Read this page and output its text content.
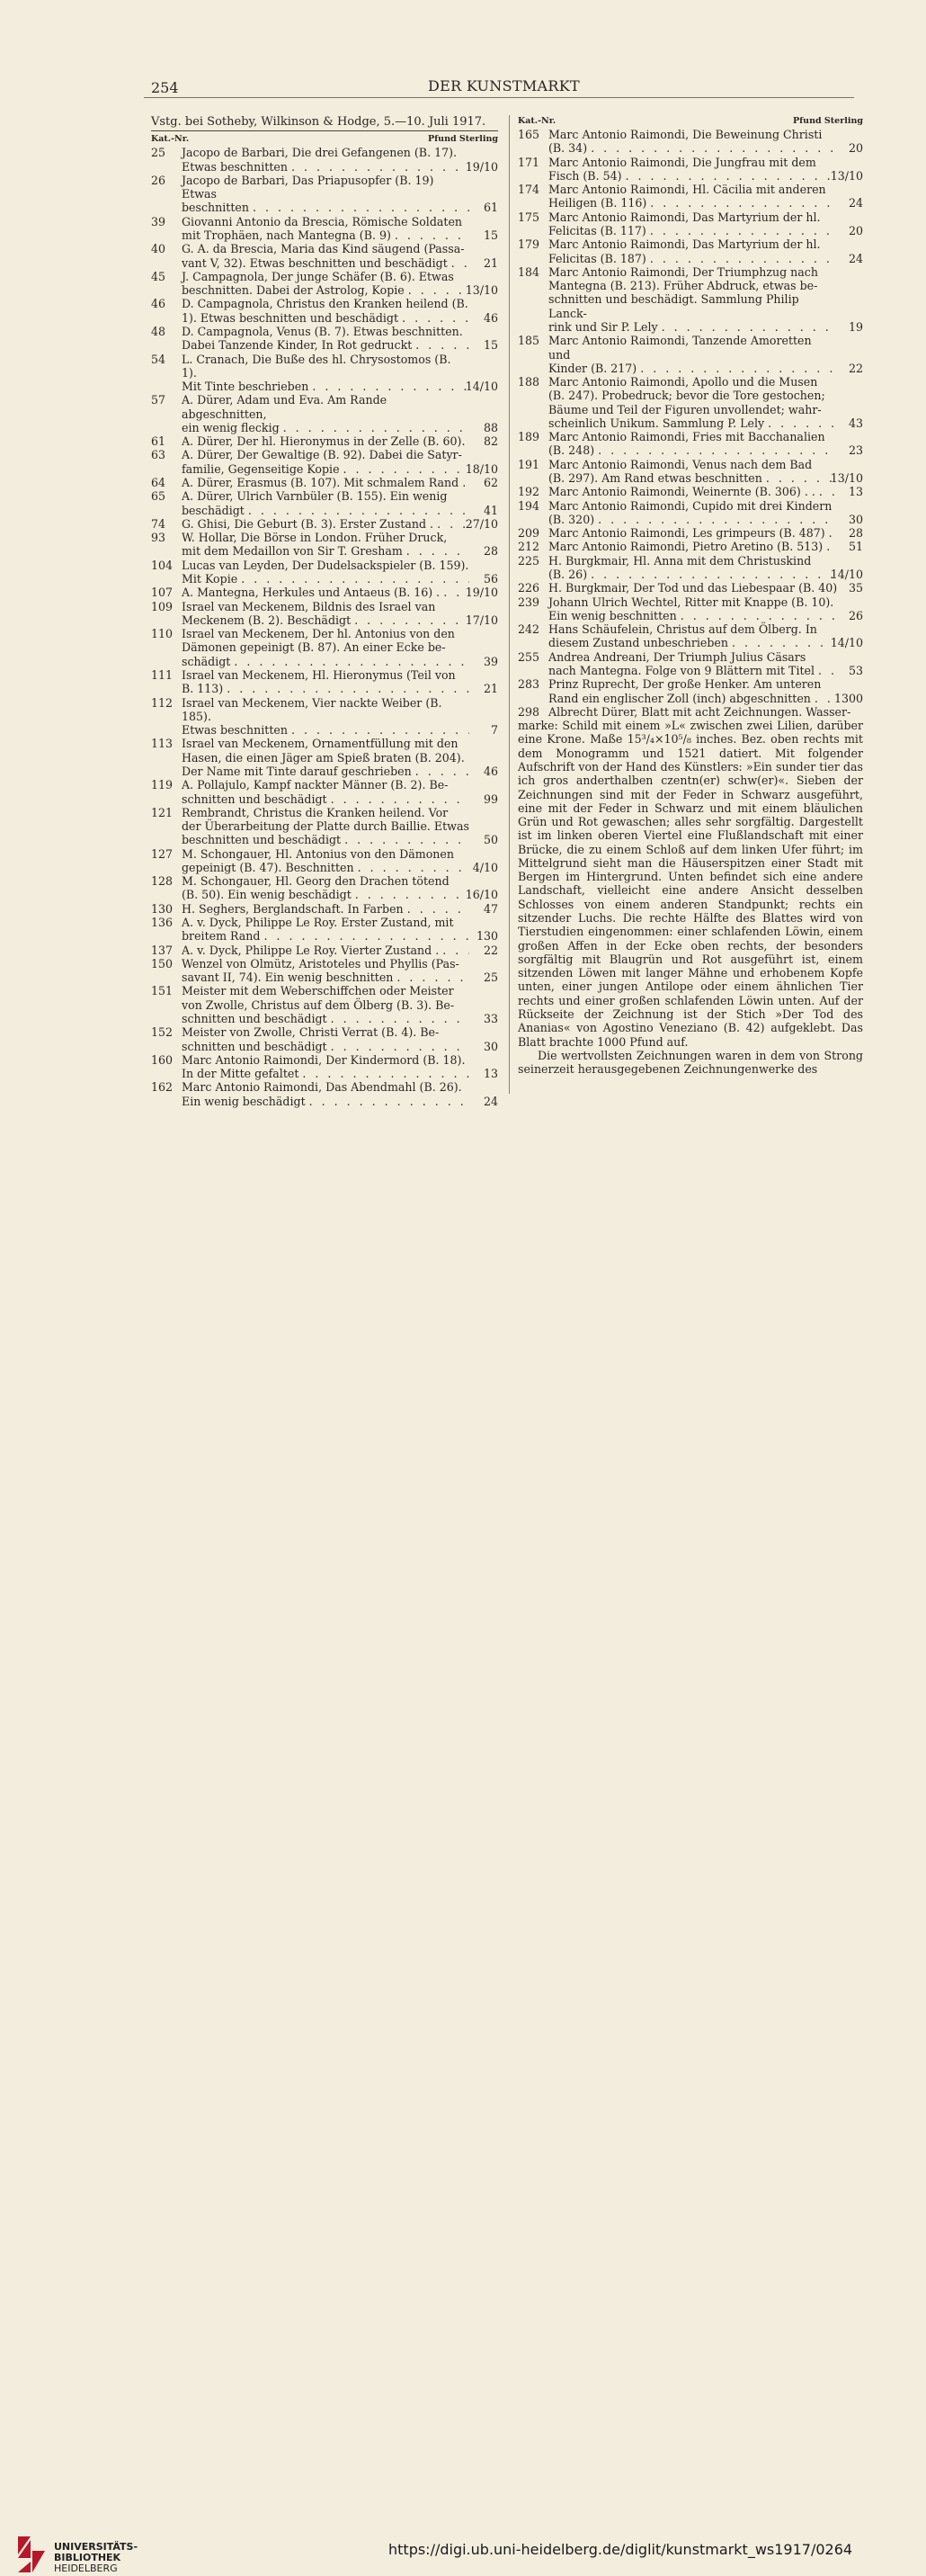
254	DER KUNSTMARKT
Vstg. bei Sotheby, Wilkinson & Hodge, 5.—10. Juli 1917.
Kat.-Nr.	Pfund Sterling
25 Jacopo de Barbari, Die drei Gefangenen (B. 17).
Etwas beschnitten . . .	19/10
26 Jacopo de Barbari, Das Priapusopfer (B. 19) Etwas
beschnitten . . .	61
39 Giovanni Antonio da Brescia, Römische Soldaten
mit Trophäen, nach Mantegna (B. 9) . . .	15
40 G. A. da Brescia, Maria das Kind säugend (Passa-
vant V, 32). Etwas beschnitten und beschädigt . . .	21
45 J. Campagnola, Der junge Schäfer (B. 6). Etwas
beschnitten. Dabei der Astrolog, Kopie . . .	13/10
46 D. Campagnola, Christus den Kranken heilend (B.
1). Etwas beschnitten und beschädigt . . .	46
48 D. Campagnola, Venus (B. 7). Etwas beschnitten.
Dabei Tanzende Kinder, In Rot gedruckt . . .	15
54 L. Cranach, Die Buße des hl. Chrysostomos (B. 1).
Mit Tinte beschrieben . . .	14/10
57 A. Dürer, Adam und Eva. Am Rande abgeschnitten,
ein wenig fleckig . . .	88
61 A. Dürer, Der hl. Hieronymus in der Zelle (B. 60). . . . 82
63 A. Dürer, Der Gewaltige (B. 92). Dabei die Satyr-
familie, Gegenseitige Kopie . . .	18/10
64 A. Dürer, Erasmus (B. 107). Mit schmalem Rand . . . 62
65 A. Dürer, Ulrich Varnbüler (B. 155). Ein wenig
beschädigt . . .	41
74 G. Ghisi, Die Geburt (B. 3). Erster Zustand . . . .	27/10
93 W. Hollar, Die Börse in London. Früher Druck,
mit dem Medaillon von Sir T. Gresham . . .	28
104 Lucas van Leyden, Der Dudelsackspieler (B. 159).
Mit Kopie . . .	56
107 A. Mantegna, Herkules und Antaeus (B. 16) . . . . 19/10
109 Israel van Meckenem, Bildnis des Israel van
Meckenem (B. 2). Beschädigt . . .	17/10
110 Israel van Meckenem, Der hl. Antonius von den
Dämonen gepeinigt (B. 87). An einer Ecke be-
schädigt . . .	39
111 Israel van Meckenem, Hl. Hieronymus (Teil von
B. 113) . . .	21
112 Israel van Meckenem, Vier nackte Weiber (B. 185).
Etwas beschnitten . . .	7
113 Israel van Meckenem, Ornamentfüllung mit den
Hasen, die einen Jäger am Spieß braten (B. 204).
Der Name mit Tinte darauf geschrieben . . .	46
119 A. Pollajulo, Kampf nackter Männer (B. 2). Be-
schnitten und beschädigt . . .	99
121 Rembrandt, Christus die Kranken heilend. Vor
der Überarbeitung der Platte durch Baillie. Etwas
beschnitten und beschädigt . . .	50
127 M. Schongauer, Hl. Antonius von den Dämonen
gepeinigt (B. 47). Beschnitten . . .	4/10
128 M. Schongauer, Hl. Georg den Drachen tötend
(B. 50). Ein wenig beschädigt . . .	16/10
130 H. Seghers, Berglandschaft. In Farben . . .	47
136 A. v. Dyck, Philippe Le Roy. Erster Zustand, mit
breitem Rand . . .	130
137 A. v. Dyck, Philippe Le Roy. Vierter Zustand . . . .	22
150 Wenzel von Olmütz, Aristoteles und Phyllis (Pas-
savant II, 74). Ein wenig beschnitten . . .	25
151 Meister mit dem Weberschiffchen oder Meister
von Zwolle, Christus auf dem Ölberg (B. 3). Be-
schnitten und beschädigt . . .	33
152 Meister von Zwolle, Christi Verrat (B. 4). Be-
schnitten und beschädigt . . .	30
160 Marc Antonio Raimondi, Der Kindermord (B. 18).
In der Mitte gefaltet . . .	13
162 Marc Antonio Raimondi, Das Abendmahl (B. 26).
Ein wenig beschädigt . . .	24
Kat.-Nr.	Pfund Sterling
165 Marc Antonio Raimondi, Die Beweinung Christi
(B. 34) . . .	20
171 Marc Antonio Raimondi, Die Jungfrau mit dem
Fisch (B. 54) . . .	13/10
174 Marc Antonio Raimondi, Hl. Cäcilia mit anderen
Heiligen (B. 116) . . .	24
175 Marc Antonio Raimondi, Das Martyrium der hl.
Felicitas (B. 117) . . .	20
179 Marc Antonio Raimondi, Das Martyrium der hl.
Felicitas (B. 187) . . .	24
184 Marc Antonio Raimondi, Der Triumphzug nach
Mantegna (B. 213). Früher Abdruck, etwas be-
schnitten und beschädigt. Sammlung Philip Lanck-
rink und Sir P. Lely . . .	19
185 Marc Antonio Raimondi, Tanzende Amoretten und
Kinder (B. 217) . . .	22
188 Marc Antonio Raimondi, Apollo und die Musen
(B. 247). Probedruck; bevor die Tore gestochen;
Bäume und Teil der Figuren unvollendet; wahr-
scheinlich Unikum. Sammlung P. Lely . . .	43
189 Marc Antonio Raimondi, Fries mit Bacchanalien
(B. 248) . . .	23
191 Marc Antonio Raimondi, Venus nach dem Bad
(B. 297). Am Rand etwas beschnitten . . .	13/10
192 Marc Antonio Raimondi, Weinernte (B. 306) . . . . .	13
194 Marc Antonio Raimondi, Cupido mit drei Kindern
(B. 320) . . .	30
209 Marc Antonio Raimondi, Les grimpeurs (B. 487) . . . 28
212 Marc Antonio Raimondi, Pietro Aretino (B. 513) . . . 51
225 H. Burgkmair, Hl. Anna mit dem Christuskind
(B. 26) . . .	14/10
226 H. Burgkmair, Der Tod und das Liebespaar (B. 40) . . . 35
239 Johann Ulrich Wechtel, Ritter mit Knappe (B. 10).
Ein wenig beschnitten . . .	26
242 Hans Schäufelein, Christus auf dem Ölberg. In
diesem Zustand unbeschrieben . . .	14/10
255 Andrea Andreani, Der Triumph Julius Cäsars
nach Mantegna. Folge von 9 Blättern mit Titel . . .	53
283 Prinz Ruprecht, Der große Henker. Am unteren
Rand ein englischer Zoll (inch) abgeschnitten . . . 1300
298 Albrecht Dürer, Blatt mit acht Zeichnungen. Wasser-
marke: Schild mit einem »L« zwischen zwei Lilien, darüber eine Krone. Maße 15³/₄×10⁵/₈ inches. Bez. oben rechts mit dem Monogramm und 1521 datiert. Mit folgender Aufschrift von der Hand des Künstlers: »Ein sunder tier das ich gros anderthalben czentn(er) schw(er)«. Sieben der Zeichnungen sind mit der Feder in Schwarz ausgeführt, eine mit der Feder in Schwarz und mit einem bläulichen Grün und Rot gewaschen; alles sehr sorgfältig. Dargestellt ist im linken oberen Viertel eine Flußlandschaft mit einer Brücke, die zu einem Schloß auf dem linken Ufer führt; im Mittelgrund sieht man die Häuserspitzen einer Stadt mit Bergen im Hintergrund. Unten befindet sich eine andere Landschaft, vielleicht eine andere Ansicht desselben Schlosses von einem anderen Standpunkt; rechts ein sitzender Luchs. Die rechte Hälfte des Blattes wird von Tierstudien eingenommen: einer schlafenden Löwin, einem großen Affen in der Ecke oben rechts, der besonders sorgfältig mit Blaugrün und Rot ausgeführt ist, einem sitzenden Löwen mit langer Mähne und erhobenem Kopfe unten, einer jungen Antilope oder einem ähnlichen Tier rechts und einer großen schlafenden Löwin unten. Auf der Rückseite der Zeichnung ist der Stich »Der Tod des Ananias« von Agostino Veneziano (B. 42) aufgeklebt. Das Blatt brachte 1000 Pfund auf.
Die wertvollsten Zeichnungen waren in dem von Strong seinerzeit herausgegebenen Zeichnungenwerke des
UNIVERSITÄTS-
BIBLIOTHEK
HEIDELBERG
https://digi.ub.uni-heidelberg.de/diglit/kunstmarkt_ws1917/0264
